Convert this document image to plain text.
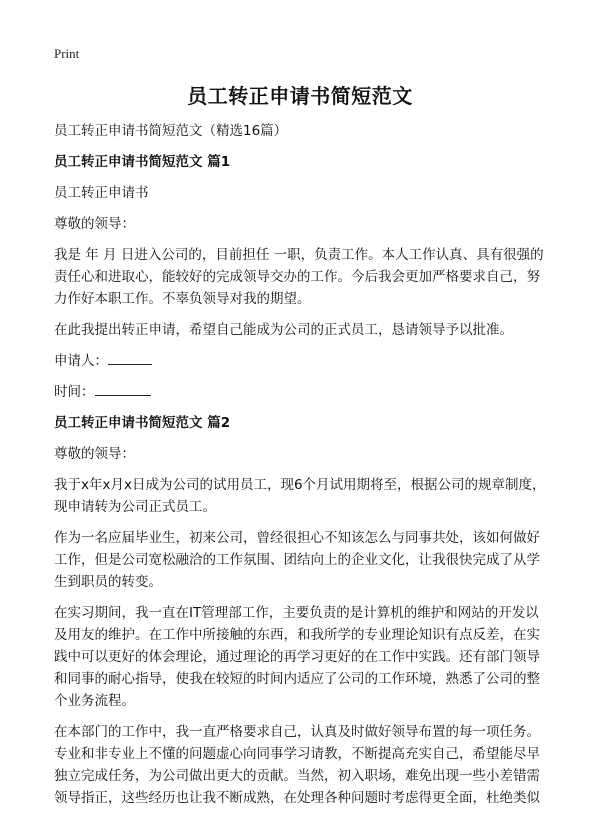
Print
员工转正申请书简短范文

员工转正申请书简短范文（精选16篇）

员工转正申请书简短范文 篇1

员工转正申请书

尊敬的领导：

我是 年 月 日进入公司的，目前担任 一职，负责工作。本人工作认真、具有很强的责任心和进取心，能较好的完成领导交办的工作。今后我会更加严格要求自己，努力作好本职工作。不辜负领导对我的期望。

在此我提出转正申请，希望自己能成为公司的正式员工，恳请领导予以批准。

申请人：

时间：

员工转正申请书简短范文 篇2

尊敬的领导：

我于x年x月x日成为公司的试用员工，现6个月试用期将至，根据公司的规章制度，现申请转为公司正式员工。

作为一名应届毕业生，初来公司，曾经很担心不知该怎么与同事共处，该如何做好工作，但是公司宽松融洽的工作氛围、团结向上的企业文化，让我很快完成了从学生到职员的转变。

在实习期间，我一直在IT管理部工作，主要负责的是计算机的维护和网站的开发以及用友的维护。在工作中所接触的东西，和我所学的专业理论知识有点反差，在实践中可以更好的体会理论，通过理论的再学习更好的在工作中实践。还有部门领导和同事的耐心指导，使我在较短的时间内适应了公司的工作环境，熟悉了公司的整个业务流程。

在本部门的工作中，我一直严格要求自己，认真及时做好领导布置的每一项任务。专业和非专业上不懂的问题虚心向同事学习请教，不断提高充实自己，希望能尽早独立完成任务，为公司做出更大的贡献。当然，初入职场，难免出现一些小差错需领导指正，这些经历也让我不断成熟，在处理各种问题时考虑得更全面，杜绝类似
